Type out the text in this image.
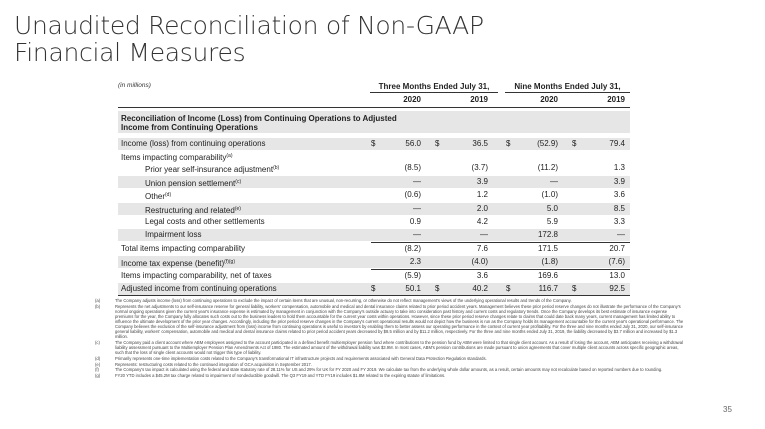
Unaudited Reconciliation of Non-GAAP
Financial Measures
(in millions)	Three Months Ended July 31,	Nine Months Ended July 31,
2020	2019	2020	2019
Reconciliation of Income (Loss) from Continuing Operations to Adjusted Income from Continuing Operations
Income (loss) from continuing operations	$	56.0 $	36.5 $	(52.9) $	79.4
Items impacting comparability$^{(a)}$
Prior year self-insurance adjustment$^{(b)}$	(8.5)	(3.7)	(11.2)	1.3
Union pension settlement$^{(c)}$	—	3.9	—	3.9
Other$^{(d)}$	(0.6)	1.2	(1.0)	3.6
Restructuring and related$^{(e)}$	—	2.0	5.0	8.5
Legal costs and other settlements	0.9	4.2	5.9	3.3
Impairment loss	—	—	172.8	—
Total items impacting comparability	(8.2)	7.6	171.5	20.7
Income tax expense (benefit)$^{(f)(g)}$	2.3	(4.0)	(1.8)	(7.6)
Items impacting comparability, net of taxes	(5.9)	3.6	169.6	13.0
Adjusted income from continuing operations	$	50.1 $	40.2 $	116.7 $	92.5
(a)	The Company adjusts income (loss) from continuing operations to exclude the impact of certain items that are unusual, non-recurring, or otherwise do not reflect management's views of the underlying operational results and trends of the Company.
(b)	Represents the net adjustments to our self-insurance reserve for general liability, workers' compensation, automobile and medical and dental insurance claims related to prior period accident years. Management believes these prior period reserve changes do not illustrate the performance of the Company's normal ongoing operations given the current year's insurance expense is estimated by management in conjunction with the Company's outside actuary to take into consideration past history and current costs and regulatory trends. Once the Company develops its best estimate of insurance expense premiums for the year, the Company fully allocates such costs out to the business leaders to hold them accountable for the current year costs within operations. However, since these prior period reserve changes relate to claims that could date back many years, current management has limited ability to influence the ultimate development of the prior year changes. Accordingly, including the prior period reserve changes in the Company's current operational results would not depict how the business is run as the Company holds its management accountable for the current year's operational performance. The Company believes the exclusion of the self-insurance adjustment from (loss) income from continuing operations is useful to investors by enabling them to better assess our operating performance in the context of current year profitability. For the three and nine months ended July 31, 2020, our self-insurance general liability, workers' compensation, automobile and medical and dental insurance claims related to prior period accident years decreased by $8.5 million and by $11.2 million, respectively. For the three and nine months ended July 31, 2019, the liability decreased by $3.7 million and increased by $1.3 million.
(c)	The Company paid a client account where ABM employees assigned to the account participated in a defined benefit multiemployer pension fund where contributions to the pension fund by ABM were limited to that single client account. As a result of losing the account, ABM anticipates receiving a withdrawal liability assessment pursuant to the Multiemployer Pension Plan Amendments Act of 1980. The estimated amount of the withdrawal liability was $3.9M. In most cases, ABM's pension contributions are made pursuant to union agreements that cover multiple client accounts across specific geographic areas, such that the loss of single client accounts would not trigger this type of liability.
(d)	Primarily represents one-time implementation costs related to the Company's transformational IT infrastructure projects and requirements associated with General Data Protection Regulation standards.
(e)	Represents: restructuring costs related to the continued integration of GCA acquisition in September 2017.
(f)	The Company's tax impact is calculated using the federal and state statutory rate of 28.11% for US and 29% for UK for FY 2020 and FY 2019. We calculate tax from the underlying whole dollar amounts, as a result, certain amounts may not recalculate based on reported numbers due to rounding.
(g)	FY20 YTD includes a $45.2M tax charge related to impairment of nondeductible goodwill. The Q3 FY19 and YTD FY19 includes $1.8M related to the expiring statute of limitations.
35
